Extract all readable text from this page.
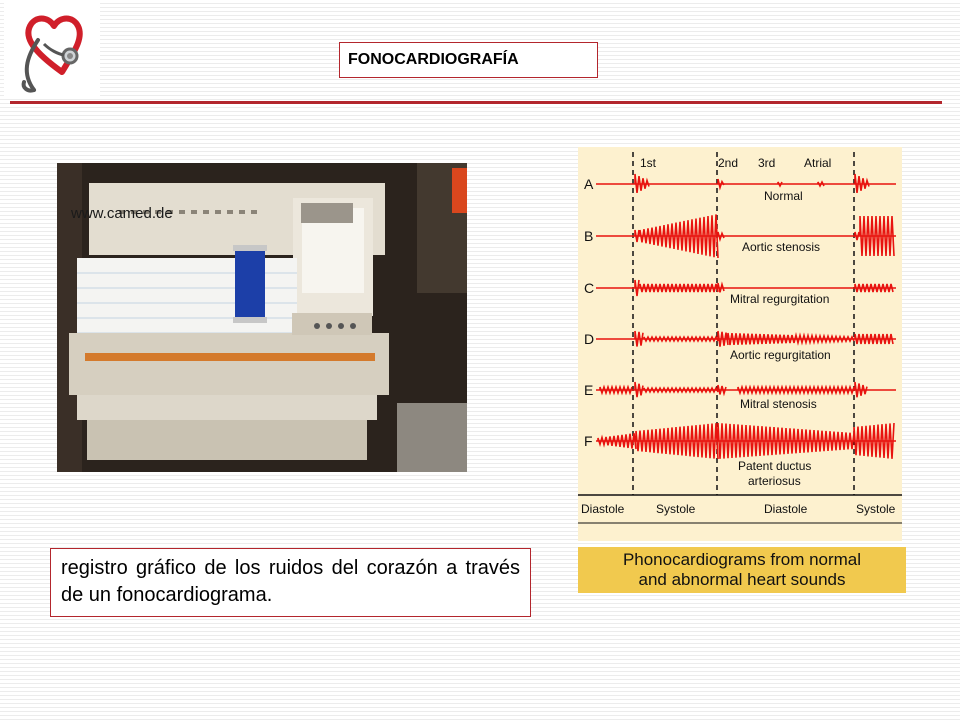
FONOCARDIOGRAFÍA
www.camed.de
registro gráfico de los ruidos del corazón a través de un fonocardiograma.
1st	2nd 3rd Atrial
A
B
C
D
E
F
Normal
Aortic stenosis
Mitral regurgitation
Aortic regurgitation
Mitral stenosis
Patent ductus
arteriosus
Diastole	Systole	Diastole	Systole
Phonocardiograms from normal
and abnormal heart sounds
